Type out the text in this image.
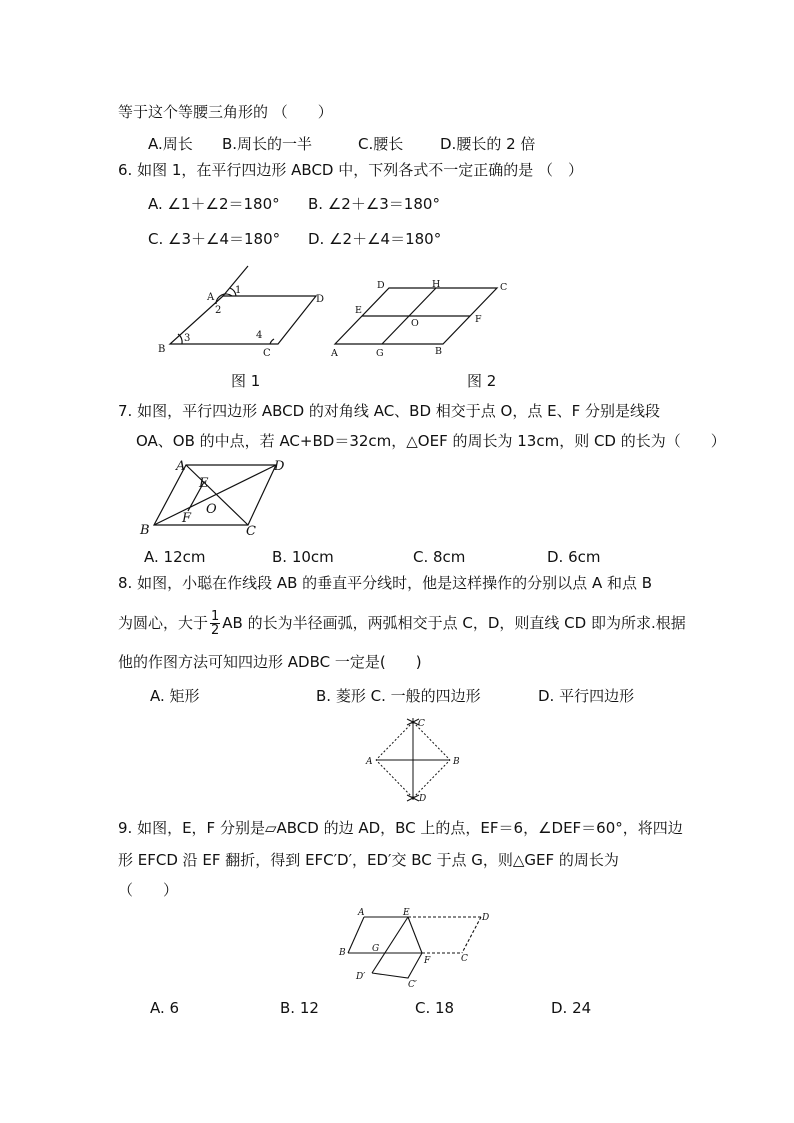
等于这个等腰三角形的 （　　）
A.周长 B.周长的一半	C.腰长 D.腰长的 2 倍
6. 如图 1，在平行四边形 ABCD 中，下列各式不一定正确的是 （　）
A. ∠1＋∠2＝180° B. ∠2＋∠3＝180°
C. ∠3＋∠4＝180° D. ∠2＋∠4＝180°
A
1
2
B
3	4
C
D
图 1
D	H	C
E
O	F
A	G	B
图 2
7. 如图，平行四边形 ABCD 的对角线 AC、BD 相交于点 O，点 E、F 分别是线段
OA、OB 的中点，若 AC+BD＝32cm，△OEF 的周长为 13cm，则 CD 的长为（　　）
A	D
E
O
F
B	C
A. 12cm	B. 10cm	C. 8cm	D. 6cm
8. 如图，小聪在作线段 AB 的垂直平分线时，他是这样操作的分别以点 A 和点 B
为圆心，大于 $\frac{1}{2}$ AB 的长为半径画弧，两弧相交于点 C，D，则直线 CD 即为所求.根据
他的作图方法可知四边形 ADBC 一定是(　　)
A. 矩形	B. 菱形 C. 一般的四边形	D. 平行四边形
C
A	B
D
9. 如图，E，F 分别是▱ABCD 的边 AD，BC 上的点，EF＝6，∠DEF＝60°，将四边
形 EFCD 沿 EF 翻折，得到 EFC′D′，ED′交 BC 于点 G，则△GEF 的周长为
（　　）
A	E	D
B	G
F	C
D′
C′
A. 6	B. 12	C. 18	D. 24
